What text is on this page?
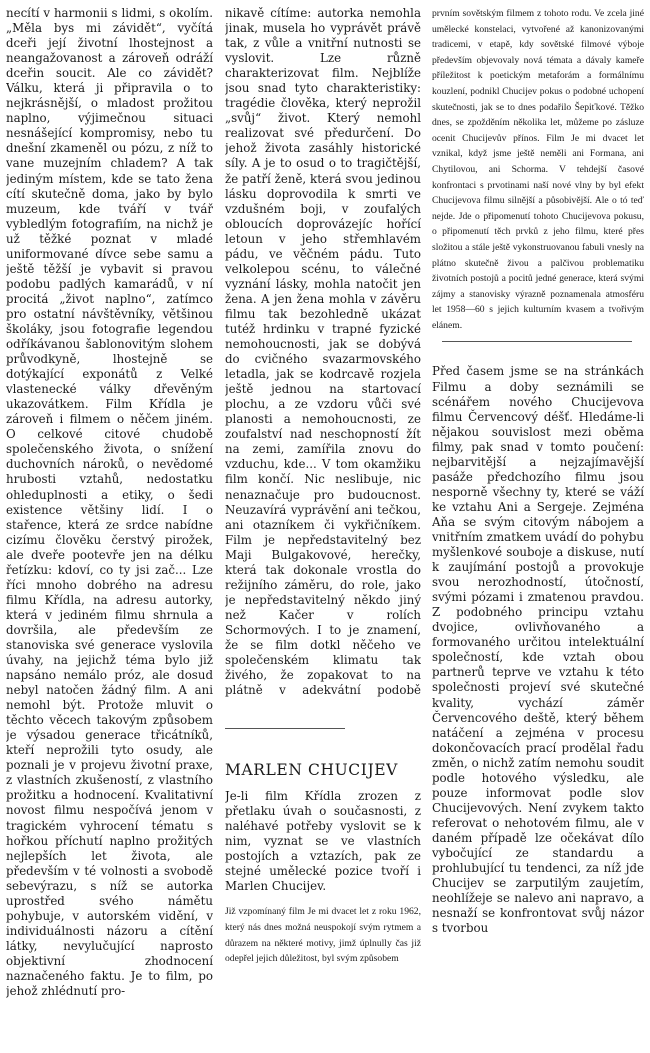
necítí v harmonii s lidmi, s okolím. „Měla bys mi závidět“, vyčítá dceři její životní lhostejnost a neangažovanost a zároveň odráží dceřin soucit. Ale co závidět? Válku, která ji připravila o to nejkrásnější, o mladost prožitou naplno, výjimečnou situaci nesnášející kompromisy, nebo tu dnešní zkameněl ou pózu, z níž to vane muzejním chladem? A tak jediným místem, kde se tato žena cítí skutečně doma, jako by bylo muzeum, kde tváří v tvář vybledlým fotografiím, na nichž je už těžké poznat v mladé uniformované dívce sebe samu a ještě těžší je vybavit si pravou podobu padlých kamarádů, v ní procitá „život naplno“, zatímco pro ostatní návštěvníky, většinou školáky, jsou fotografie legendou odříkávanou šablonovitým slohem průvodkyně, lhostejně se dotýkající exponátů z Velké vlastenecké války dřevěným ukazovátkem. Film Křídla je zároveň i filmem o něčem jiném. O celkové citové chudobě společenského života, o snížení duchovních nároků, o nevědomé hrubosti vztahů, nedostatku ohleduplnosti a etiky, o šedi existence většiny lidí. I o stařence, která ze srdce nabídne cizímu člověku čerstvý pirožek, ale dveře pootevře jen na délku řetízku: kdoví, co ty jsi zač... Lze říci mnoho dobrého na adresu filmu Křídla, na adresu autorky, která v jediném filmu shrnula a dovršila, ale především ze stanoviska své generace vyslovila úvahy, na jejichž téma bylo již napsáno nemálo próz, ale dosud nebyl natočen žádný film. A ani nemohl být. Protože mluvit o těchto věcech takovým způsobem je výsadou generace třicátníků, kteří neprožili tyto osudy, ale poznali je v projevu životní praxe, z vlastních zkušeností, z vlastního prožitku a hodnocení. Kvalitativní novost filmu nespočívá jenom v tragickém vyhrocení tématu s hořkou příchutí naplno prožitých nejlepších let života, ale především v té volnosti a svobodě sebevýrazu, s níž se autorka uprostřed svého námětu pohybuje, v autorském vidění, v individuálnosti názoru a cítění látky, nevylučující naprosto objektivní zhodnocení naznačeného faktu. Je to film, po jehož zhlédnutí pro-

nikavě cítíme: autorka nemohla jinak, musela ho vyprávět právě tak, z vůle a vnitřní nutnosti se vyslovit. Lze různě charakterizovat film. Nejblíže jsou snad tyto charakteristiky: tragédie člověka, který neprožil „svůj“ život. Který nemohl realizovat své předurčení. Do jehož života zasáhly historické síly. A je to osud o to tragičtější, že patří ženě, která svou jedinou lásku doprovodila k smrti ve vzdušném boji, v zoufalých obloucích doprovázejíc hořící letoun v jeho střemhlavém pádu, ve věčném pádu. Tuto velkolepou scénu, to válečné vyznání lásky, mohla natočit jen žena. A jen žena mohla v závěru filmu tak bezohledně ukázat tutéž hrdinku v trapné fyzické nemohoucnosti, jak se dobývá do cvičného svazarmovského letadla, jak se kodrcavě rozjela ještě jednou na startovací plochu, a ze vzdoru vůči své planosti a nemohoucnosti, ze zoufalství nad neschopností žít na zemi, zamířila znovu do vzduchu, kde... V tom okamžiku film končí. Nic neslibuje, nic nenaznačuje pro budoucnost. Neuzavírá vyprávění ani tečkou, ani otazníkem či vykřičníkem. Film je nepředstavitelný bez Maji Bulgakovové, herečky, která tak dokonale vrostla do režijního záměru, do role, jako je nepředstavitelný někdo jiný než Kačer v rolích Schormových. I to je znamení, že se film dotkl něčeho ve společenském klimatu tak živého, že zopakovat to na plátně v adekvátní podobě

MARLEN CHUCIJEV

Je-li film Křídla zrozen z přetlaku úvah o současnosti, z naléhavé potřeby vyslovit se k nim, vyznat se ve vlastních postojích a vztazích, pak ze stejné umělecké pozice tvoří i Marlen Chucijev.

Již vzpomínaný film Je mi dvacet let z roku 1962, který nás dnes možná neuspokojí svým rytmem a důrazem na některé motivy, jimž úplnully čas již odepřel jejich důležitost, byl svým způsobem

prvním sovětským filmem z tohoto rodu. Ve zcela jiné umělecké konstelaci, vytvořené až kanonizovanými tradicemi, v etapě, kdy sovětské filmové výboje především objevovaly nová témata a dávaly kameře příležitost k poetickým metaforám a formálnímu kouzlení, podnikl Chucijev pokus o podobné uchopení skutečnosti, jak se to dnes podařilo Šepiťkové. Těžko dnes, se zpožděním několika let, můžeme po zásluze ocenit Chucijevův přínos. Film Je mi dvacet let vznikal, když jsme ještě neměli ani Formana, ani Chytilovou, ani Schorma. V tehdejší časové konfrontaci s prvotinami naší nové vlny by byl efekt Chucijevova filmu silnější a působivější. Ale o tó teď nejde. Jde o připomenutí tohoto Chucijevova pokusu, o připomenutí těch prvků z jeho filmu, které přes složitou a stále ještě vykonstruovanou fabuli vnesly na plátno skutečně živou a palčivou problematiku životních postojů a pocitů jedné generace, která svými zájmy a stanovisky výrazně poznamenala atmosféru let 1958—60 s jejich kulturním kvasem a tvořivým elánem.

Před časem jsme se na stránkách Filmu a doby seznámili se scénářem nového Chucijevova filmu Červencový déšť. Hledáme-li nějakou souvislost mezi oběma filmy, pak snad v tomto poučení: nejbarvitější a nejzajímavější pasáže předchozího filmu jsou nesporně všechny ty, které se váží ke vztahu Ani a Sergeje. Zejména Aňa se svým citovým nábojem a vnitřním zmatkem uvádí do pohybu myšlenkové souboje a diskuse, nutí k zaujímání postojů a provokuje svou nerozhodností, útočností, svými pózami i zmatenou pravdou. Z podobného principu vztahu dvojice, ovlivňovaného a formovaného určitou intelektuální společností, kde vztah obou partnerů teprve ve vztahu k této společnosti projeví své skutečné kvality, vychází záměr Červencového deště, který během natáčení a zejména v procesu dokončovacích prací prodělal řadu změn, o nichž zatím nemohu soudit podle hotového výsledku, ale pouze informovat podle slov Chucijevových. Není zvykem takto referovat o nehotovém filmu, ale v daném případě lze očekávat dílo vybočující ze standardu a prohlubující tu tendenci, za níž jde Chucijev se zarputilým zaujetím, neohlížeje se nalevo ani napravo, a nesnaží se konfrontovat svůj názor s tvorbou
